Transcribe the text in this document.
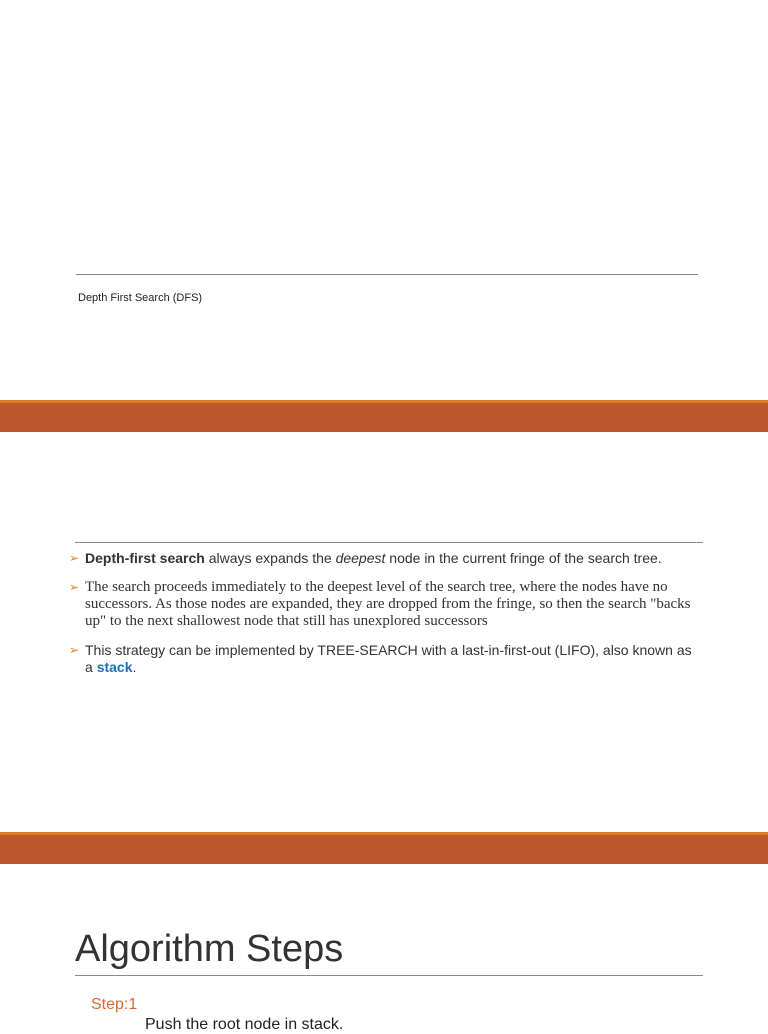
Depth First Search (DFS)
➢ Depth-first search always expands the deepest node in the current fringe of the search tree.
➢ The search proceeds immediately to the deepest level of the search tree, where the nodes have no successors. As those nodes are expanded, they are dropped from the fringe, so then the search "backs up" to the next shallowest node that still has unexplored successors
➢ This strategy can be implemented by TREE-SEARCH with a last-in-first-out (LIFO), also known as a stack.
Algorithm Steps
Step:1
Push the root node in stack.
